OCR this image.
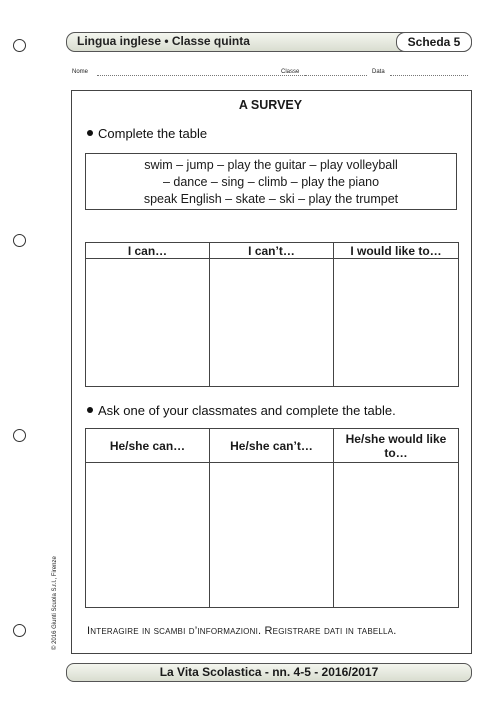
Lingua inglese • Classe quinta	Scheda 5
Nome	Classe	Data
A SURVEY
Complete the table
swim – jump – play the guitar – play volleyball
– dance – sing – climb – play the piano
speak English – skate – ski – play the trumpet
I can…	I can’t…	I would like to…

Ask one of your classmates and complete the table.
He/she can…	He/she can’t…	He/she would like to…

Interagire in scambi d’informazioni. Registrare dati in tabella.
© 2016 Giunti Scuola S.r.l., Firenze
La Vita Scolastica - nn. 4-5 - 2016/2017
